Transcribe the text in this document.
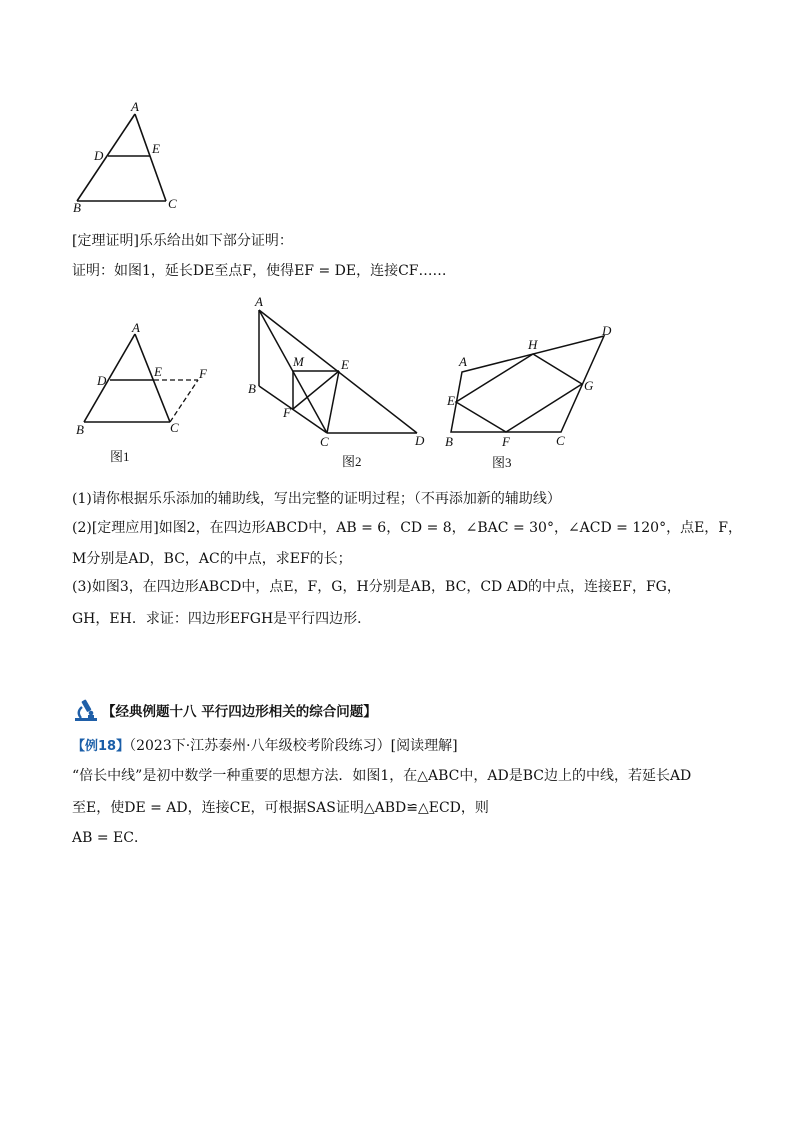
A
D	E
B	C
[定理证明]乐乐给出如下部分证明：
证明：如图1，延长DE至点F，使得EF = DE，连接CF……
A
D
E	F
B	C
图1
A
B
M	E
F
C	D
图2
A
H
D
E
G
B	F	C
图3
(1)请你根据乐乐添加的辅助线，写出完整的证明过程；（不再添加新的辅助线）
(2)[定理应用]如图2，在四边形ABCD中，AB = 6，CD = 8，∠BAC = 30°，∠ACD = 120°，点E，F，
M分别是AD，BC，AC的中点，求EF的长；
(3)如图3，在四边形ABCD中，点E，F，G，H分别是AB，BC，CD AD的中点，连接EF，FG，
GH，EH．求证：四边形EFGH是平行四边形．
【经典例题十八 平行四边形相关的综合问题】
【例18】（2023下·江苏泰州·八年级校考阶段练习）[阅读理解]
“倍长中线”是初中数学一种重要的思想方法．如图1，在△ABC中，AD是BC边上的中线，若延长AD
至E，使DE = AD，连接CE，可根据SAS证明△ABD≌△ECD，则
AB = EC．
